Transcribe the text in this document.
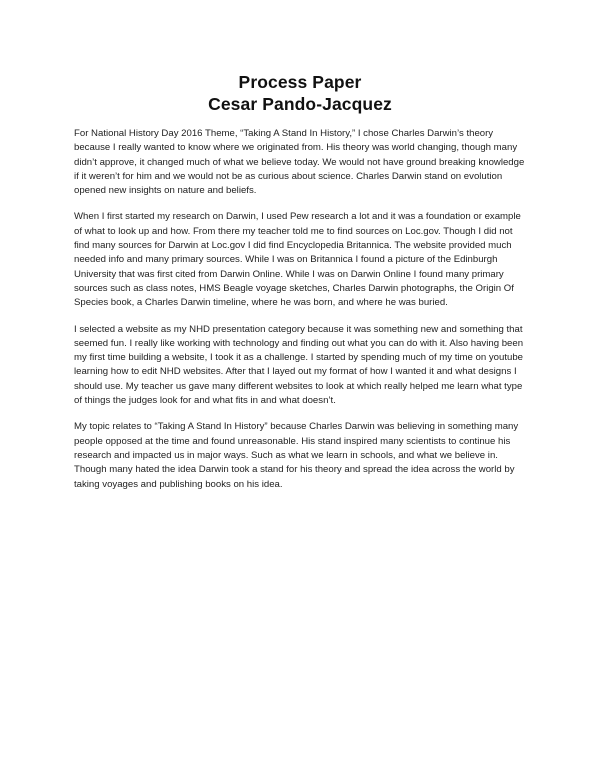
Process Paper
Cesar Pando-Jacquez

For National History Day 2016 Theme, “Taking A Stand In History,” I chose Charles Darwin’s theory because I really wanted to know where we originated from. His theory was world changing, though many didn’t approve, it changed much of what we believe today. We would not have ground breaking knowledge if it weren’t for him and we would not be as curious about science. Charles Darwin stand on evolution opened new insights on nature and beliefs.

When I first started my research on Darwin, I used Pew research a lot and it was a foundation or example of what to look up and how. From there my teacher told me to find sources on Loc.gov. Though I did not find many sources for Darwin at Loc.gov I did find Encyclopedia Britannica. The website provided much needed info and many primary sources. While I was on Britannica I found a picture of the Edinburgh University that was first cited from Darwin Online. While I was on Darwin Online I found many primary sources such as class notes, HMS Beagle voyage sketches, Charles Darwin photographs, the Origin Of Species book, a Charles Darwin timeline, where he was born, and where he was buried.

I selected a website as my NHD presentation category because it was something new and something that seemed fun. I really like working with technology and finding out what you can do with it. Also having been my first time building a website, I took it as a challenge. I started by spending much of my time on youtube learning how to edit NHD websites. After that I layed out my format of how I wanted it and what designs I should use. My teacher us gave many different websites to look at which really helped me learn what type of things the judges look for and what fits in and what doesn’t.

My topic relates to “Taking A Stand In History” because Charles Darwin was believing in something many people opposed at the time and found unreasonable. His stand inspired many scientists to continue his research and impacted us in major ways. Such as what we learn in schools, and what we believe in. Though many hated the idea Darwin took a stand for his theory and spread the idea across the world by taking voyages and publishing books on his idea.
